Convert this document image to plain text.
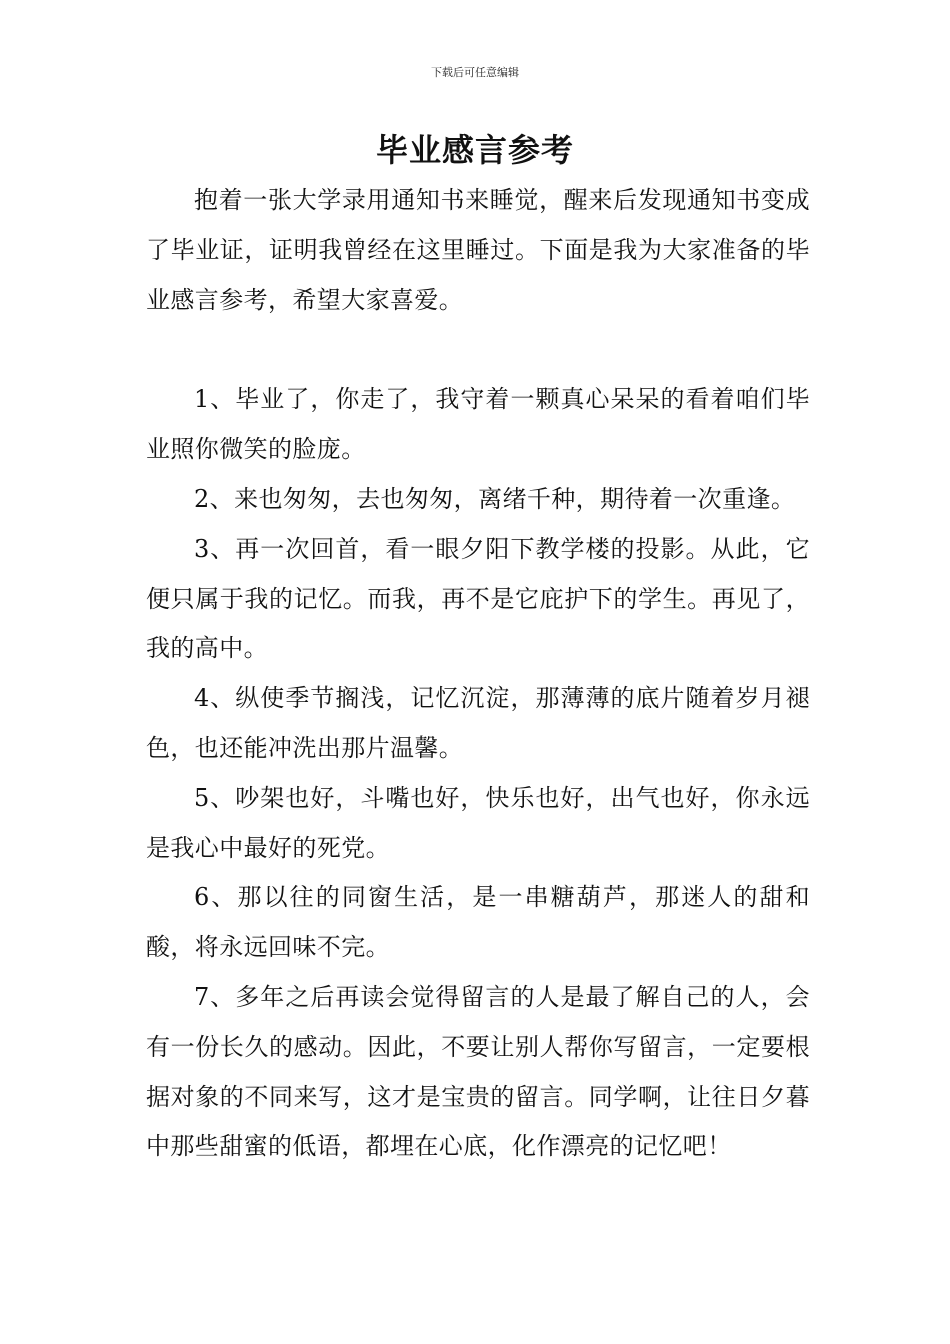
下载后可任意编辑
毕业感言参考

抱着一张大学录用通知书来睡觉，醒来后发现通知书变成了毕业证，证明我曾经在这里睡过。下面是我为大家准备的毕业感言参考，希望大家喜爱。

1、毕业了，你走了，我守着一颗真心呆呆的看着咱们毕业照你微笑的脸庞。

2、来也匆匆，去也匆匆，离绪千种，期待着一次重逢。

3、再一次回首，看一眼夕阳下教学楼的投影。从此，它便只属于我的记忆。而我，再不是它庇护下的学生。再见了，我的高中。

4、纵使季节搁浅，记忆沉淀，那薄薄的底片随着岁月褪色，也还能冲洗出那片温馨。

5、吵架也好，斗嘴也好，快乐也好，出气也好，你永远是我心中最好的死党。

6、那以往的同窗生活，是一串糖葫芦，那迷人的甜和酸，将永远回味不完。

7、多年之后再读会觉得留言的人是最了解自己的人，会有一份长久的感动。因此，不要让别人帮你写留言，一定要根据对象的不同来写，这才是宝贵的留言。同学啊，让往日夕暮中那些甜蜜的低语，都埋在心底，化作漂亮的记忆吧！
